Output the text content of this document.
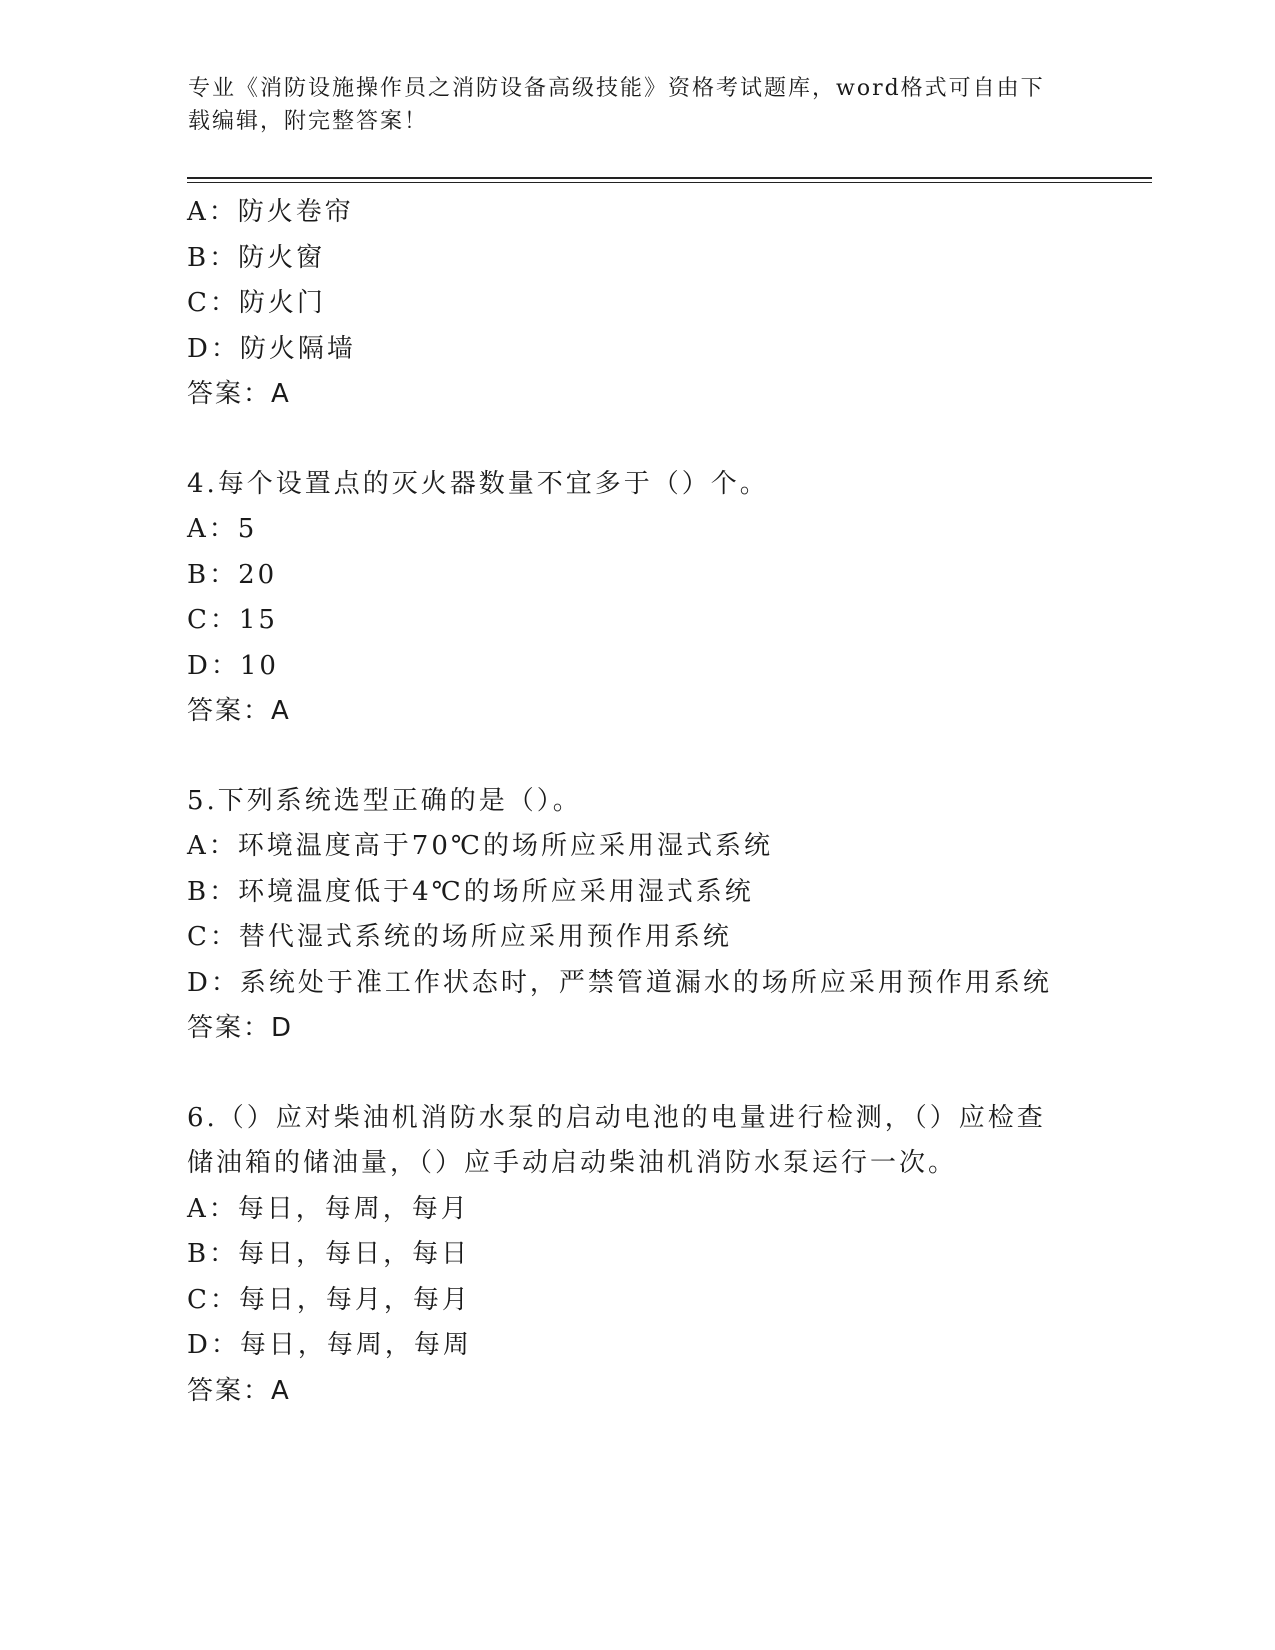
专业《消防设施操作员之消防设备高级技能》资格考试题库，word格式可自由下载编辑，附完整答案！
A：防火卷帘
B：防火窗
C：防火门
D：防火隔墙
答案：A
4.每个设置点的灭火器数量不宜多于（）个。
A：5
B：20
C：15
D：10
答案：A
5.下列系统选型正确的是（）。
A：环境温度高于70℃的场所应采用湿式系统
B：环境温度低于4℃的场所应采用湿式系统
C：替代湿式系统的场所应采用预作用系统
D：系统处于准工作状态时，严禁管道漏水的场所应采用预作用系统
答案：D
6.（）应对柴油机消防水泵的启动电池的电量进行检测，（）应检查储油箱的储油量，（）应手动启动柴油机消防水泵运行一次。
A：每日，每周，每月
B：每日，每日，每日
C：每日，每月，每月
D：每日，每周，每周
答案：A
